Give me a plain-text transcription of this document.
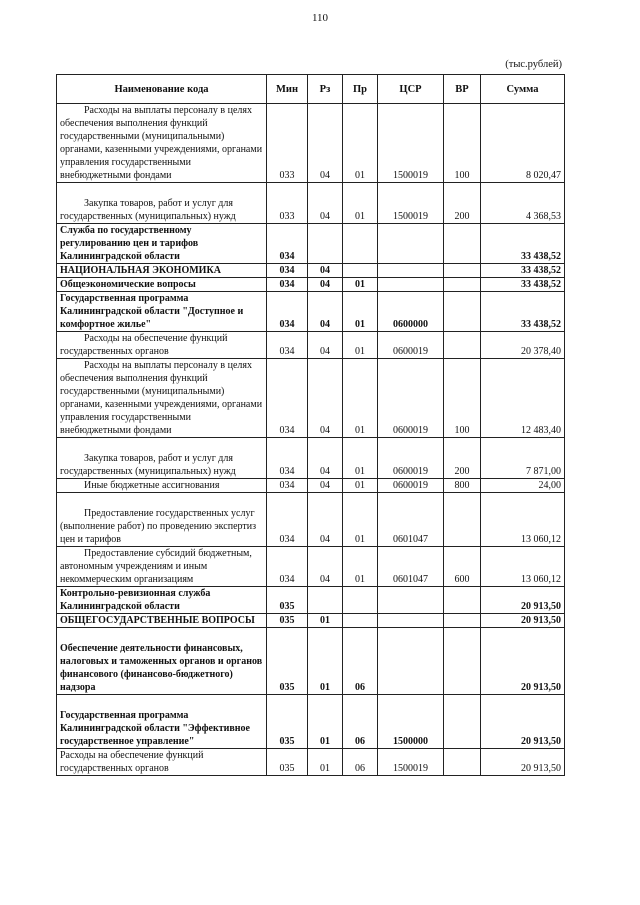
110
(тыс.рублей)
Наименование кода	Мин	Рз	Пр	ЦСР	ВР	Сумма
Расходы на выплаты персоналу в целях обеспечения выполнения функций государственными (муниципальными) органами, казенными учреждениями, органами управления государственными внебюджетными фондами	033	04	01	1500019	100	8 020,47
Закупка товаров, работ и услуг для государственных (муниципальных) нужд	033	04	01	1500019	200	4 368,53
Служба по государственному регулированию цен и тарифов Калининградской области	034					33 438,52
НАЦИОНАЛЬНАЯ ЭКОНОМИКА	034	04				33 438,52
Общеэкономические вопросы	034	04	01			33 438,52
Государственная программа Калининградской области "Доступное и комфортное жилье"	034	04	01	0600000		33 438,52
Расходы на обеспечение функций государственных органов	034	04	01	0600019		20 378,40
Расходы на выплаты персоналу в целях обеспечения выполнения функций государственными (муниципальными) органами, казенными учреждениями, органами управления государственными внебюджетными фондами	034	04	01	0600019	100	12 483,40
Закупка товаров, работ и услуг для государственных (муниципальных) нужд	034	04	01	0600019	200	7 871,00
Иные бюджетные ассигнования	034	04	01	0600019	800	24,00
Предоставление государственных услуг (выполнение работ) по проведению экспертиз цен и тарифов	034	04	01	0601047		13 060,12
Предоставление субсидий бюджетным, автономным учреждениям и иным некоммерческим организациям	034	04	01	0601047	600	13 060,12
Контрольно-ревизионная служба Калининградской области	035					20 913,50
ОБЩЕГОСУДАРСТВЕННЫЕ ВОПРОСЫ	035	01				20 913,50
Обеспечение деятельности финансовых, налоговых и таможенных органов и органов финансового (финансово-бюджетного) надзора	035	01	06			20 913,50
Государственная программа Калининградской области "Эффективное государственное управление"	035	01	06	1500000		20 913,50
Расходы на обеспечение функций государственных органов	035	01	06	1500019		20 913,50
